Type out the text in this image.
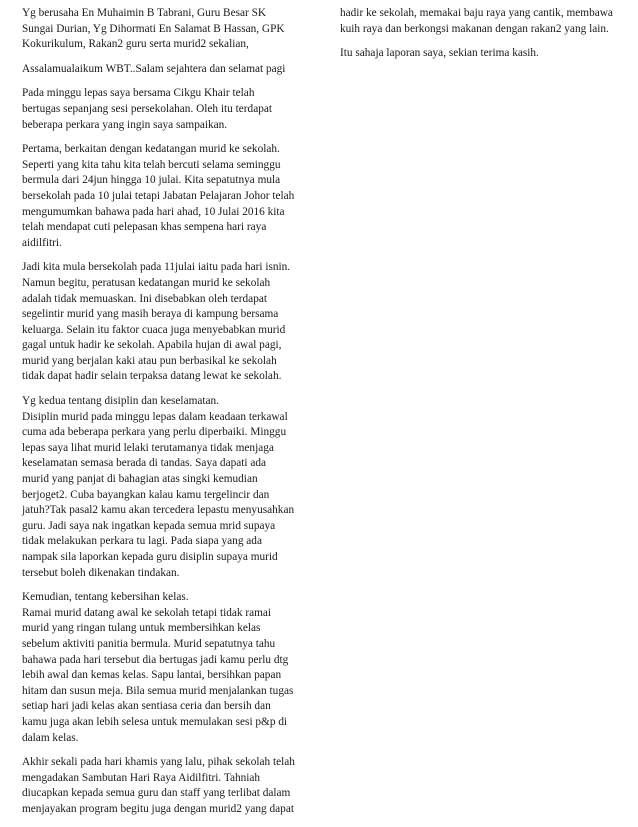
Yg berusaha En Muhaimin B Tabrani, Guru Besar SK
Sungai Durian, Yg Dihormati En Salamat B Hassan, GPK
Kokurikulum, Rakan2 guru serta murid2 sekalian,
Assalamualaikum WBT..Salam sejahtera dan selamat pagi
Pada minggu lepas saya bersama Cikgu Khair telah
bertugas sepanjang sesi persekolahan. Oleh itu terdapat
beberapa perkara yang ingin saya sampaikan.
Pertama, berkaitan dengan kedatangan murid ke sekolah.
Seperti yang kita tahu kita telah bercuti selama seminggu
bermula dari 24jun hingga 10 julai. Kita sepatutnya mula
bersekolah pada 10 julai tetapi Jabatan Pelajaran Johor telah
mengumumkan bahawa pada hari ahad, 10 Julai 2016 kita
telah mendapat cuti pelepasan khas sempena hari raya
aidilfitri.
Jadi kita mula bersekolah pada 11julai iaitu pada hari isnin.
Namun begitu, peratusan kedatangan murid ke sekolah
adalah tidak memuaskan. Ini disebabkan oleh terdapat
segelintir murid yang masih beraya di kampung bersama
keluarga. Selain itu faktor cuaca juga menyebabkan murid
gagal untuk hadir ke sekolah. Apabila hujan di awal pagi,
murid yang berjalan kaki atau pun berbasikal ke sekolah
tidak dapat hadir selain terpaksa datang lewat ke sekolah.
Yg kedua tentang disiplin dan keselamatan.
Disiplin murid pada minggu lepas dalam keadaan terkawal
cuma ada beberapa perkara yang perlu diperbaiki. Minggu
lepas saya lihat murid lelaki terutamanya tidak menjaga
keselamatan semasa berada di tandas. Saya dapati ada
murid yang panjat di bahagian atas singki kemudian
berjoget2. Cuba bayangkan kalau kamu tergelincir dan
jatuh?Tak pasal2 kamu akan tercedera lepastu menyusahkan
guru. Jadi saya nak ingatkan kepada semua mrid supaya
tidak melakukan perkara tu lagi. Pada siapa yang ada
nampak sila laporkan kepada guru disiplin supaya murid
tersebut boleh dikenakan tindakan.
Kemudian, tentang kebersihan kelas.
Ramai murid datang awal ke sekolah tetapi tidak ramai
murid yang ringan tulang untuk membersihkan kelas
sebelum aktiviti panitia bermula. Murid sepatutnya tahu
bahawa pada hari tersebut dia bertugas jadi kamu perlu dtg
lebih awal dan kemas kelas. Sapu lantai, bersihkan papan
hitam dan susun meja. Bila semua murid menjalankan tugas
setiap hari jadi kelas akan sentiasa ceria dan bersih dan
kamu juga akan lebih selesa untuk memulakan sesi p&p di
dalam kelas.
Akhir sekali pada hari khamis yang lalu, pihak sekolah telah
mengadakan Sambutan Hari Raya Aidilfitri. Tahniah
diucapkan kepada semua guru dan staff yang terlibat dalam
menjayakan program begitu juga dengan murid2 yang dapat
hadir ke sekolah, memakai baju raya yang cantik, membawa
kuih raya dan berkongsi makanan dengan rakan2 yang lain.
Itu sahaja laporan saya, sekian terima kasih.
